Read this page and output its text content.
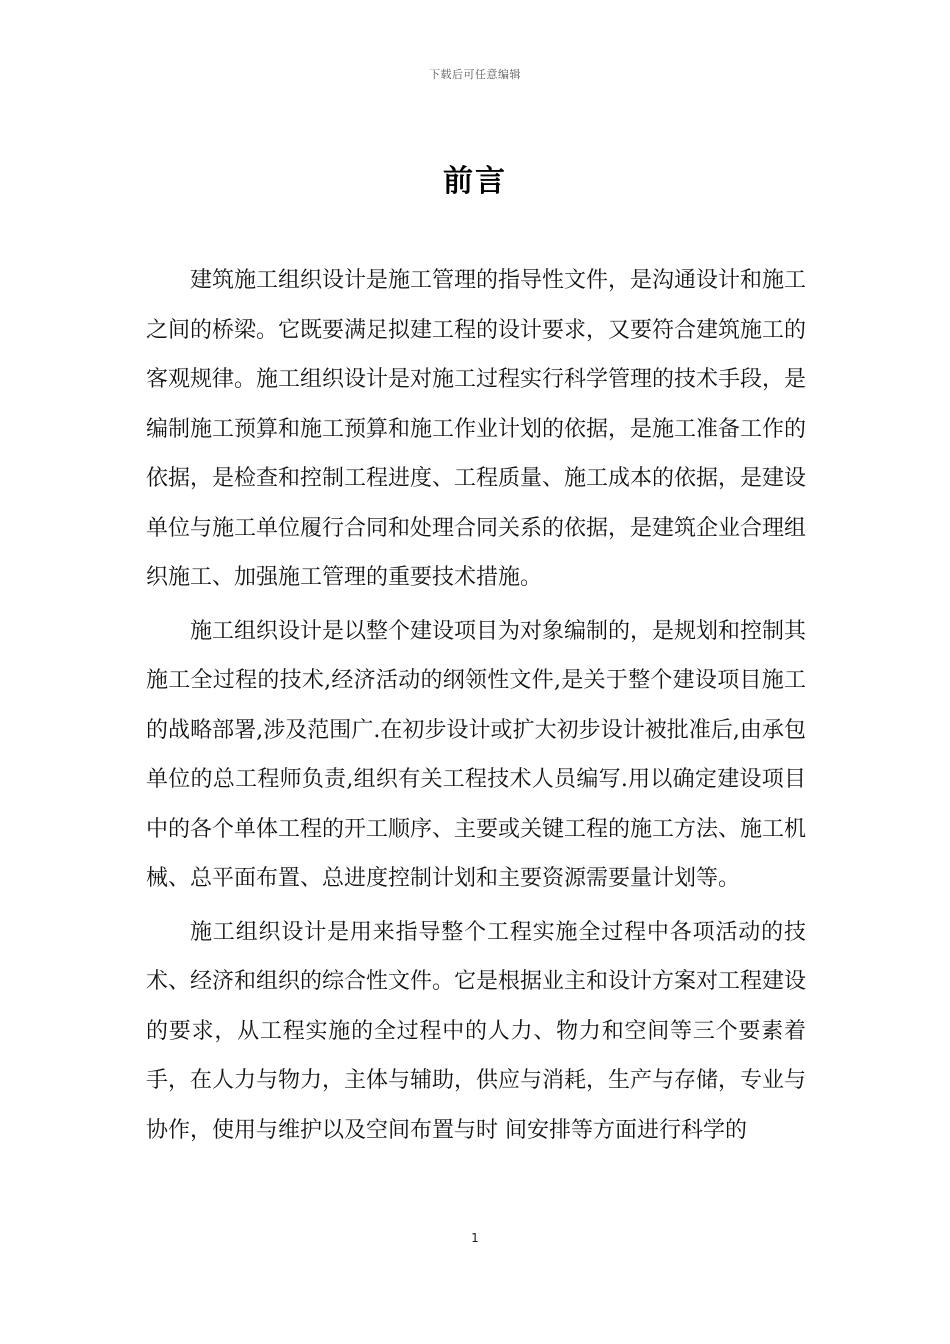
下载后可任意编辑
前言

建筑施工组织设计是施工管理的指导性文件，是沟通设计和施工之间的桥梁。它既要满足拟建工程的设计要求，又要符合建筑施工的客观规律。施工组织设计是对施工过程实行科学管理的技术手段，是编制施工预算和施工预算和施工作业计划的依据，是施工准备工作的依据，是检查和控制工程进度、工程质量、施工成本的依据，是建设单位与施工单位履行合同和处理合同关系的依据，是建筑企业合理组织施工、加强施工管理的重要技术措施。

施工组织设计是以整个建设项目为对象编制的，是规划和控制其施工全过程的技术,经济活动的纲领性文件,是关于整个建设项目施工的战略部署,涉及范围广.在初步设计或扩大初步设计被批准后,由承包单位的总工程师负责,组织有关工程技术人员编写.用以确定建设项目中的各个单体工程的开工顺序、主要或关键工程的施工方法、施工机械、总平面布置、总进度控制计划和主要资源需要量计划等。

施工组织设计是用来指导整个工程实施全过程中各项活动的技术、经济和组织的综合性文件。它是根据业主和设计方案对工程建设的要求，从工程实施的全过程中的人力、物力和空间等三个要素着手，在人力与物力，主体与辅助，供应与消耗，生产与存储，专业与协作，使用与维护以及空间布置与时 间安排等方面进行科学的

1
